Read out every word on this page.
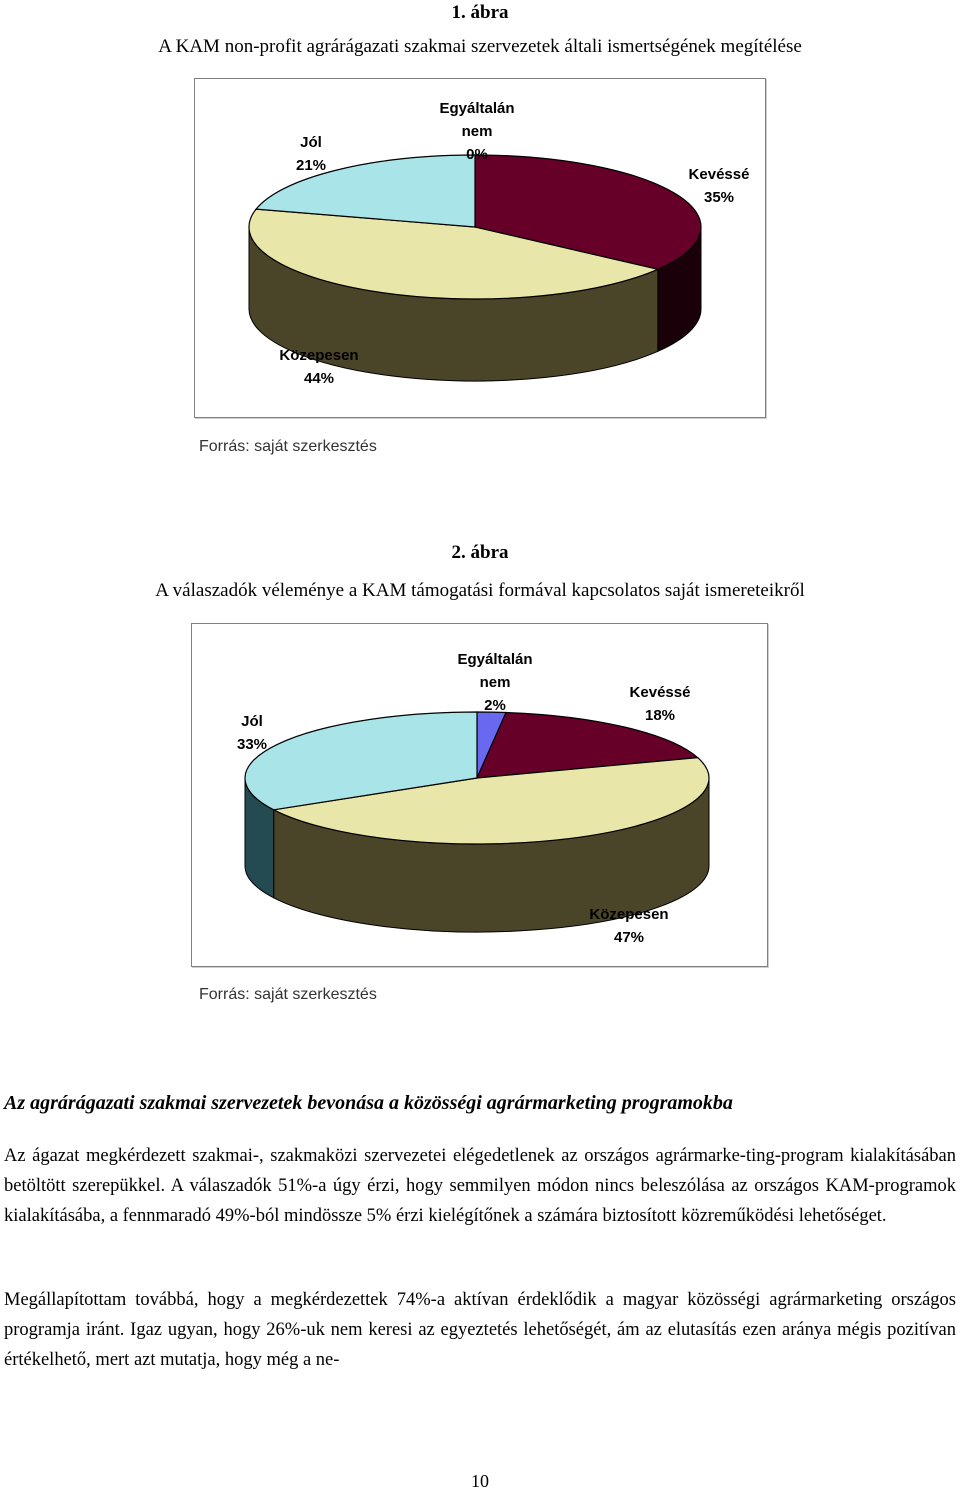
1. ábra
A KAM non-profit agrárágazati szakmai szervezetek általi ismertségének megítélése
Egyáltalán nem 0%
Kevéssé 35%
Közepesen 44%
Jól 21%
Forrás: saját szerkesztés
2. ábra
A válaszadók véleménye a KAM támogatási formával kapcsolatos saját ismereteikről
Egyáltalán nem 2%
Kevéssé 18%
Közepesen 47%
Jól 33%
Forrás: saját szerkesztés
Az agrárágazati szakmai szervezetek bevonása a közösségi agrármarketing programokba
Az ágazat megkérdezett szakmai-, szakmaközi szervezetei elégedetlenek az országos agrármarke-ting-program kialakításában betöltött szerepükkel. A válaszadók 51%-a úgy érzi, hogy semmilyen módon nincs beleszólása az országos KAM-programok kialakításába, a fennmaradó 49%-ból mindössze 5% érzi kielégítőnek a számára biztosított közreműködési lehetőséget.
Megállapítottam továbbá, hogy a megkérdezettek 74%-a aktívan érdeklődik a magyar közösségi agrármarketing országos programja iránt. Igaz ugyan, hogy 26%-uk nem keresi az egyeztetés lehetőségét, ám az elutasítás ezen aránya mégis pozitívan értékelhető, mert azt mutatja, hogy még a ne-
10
